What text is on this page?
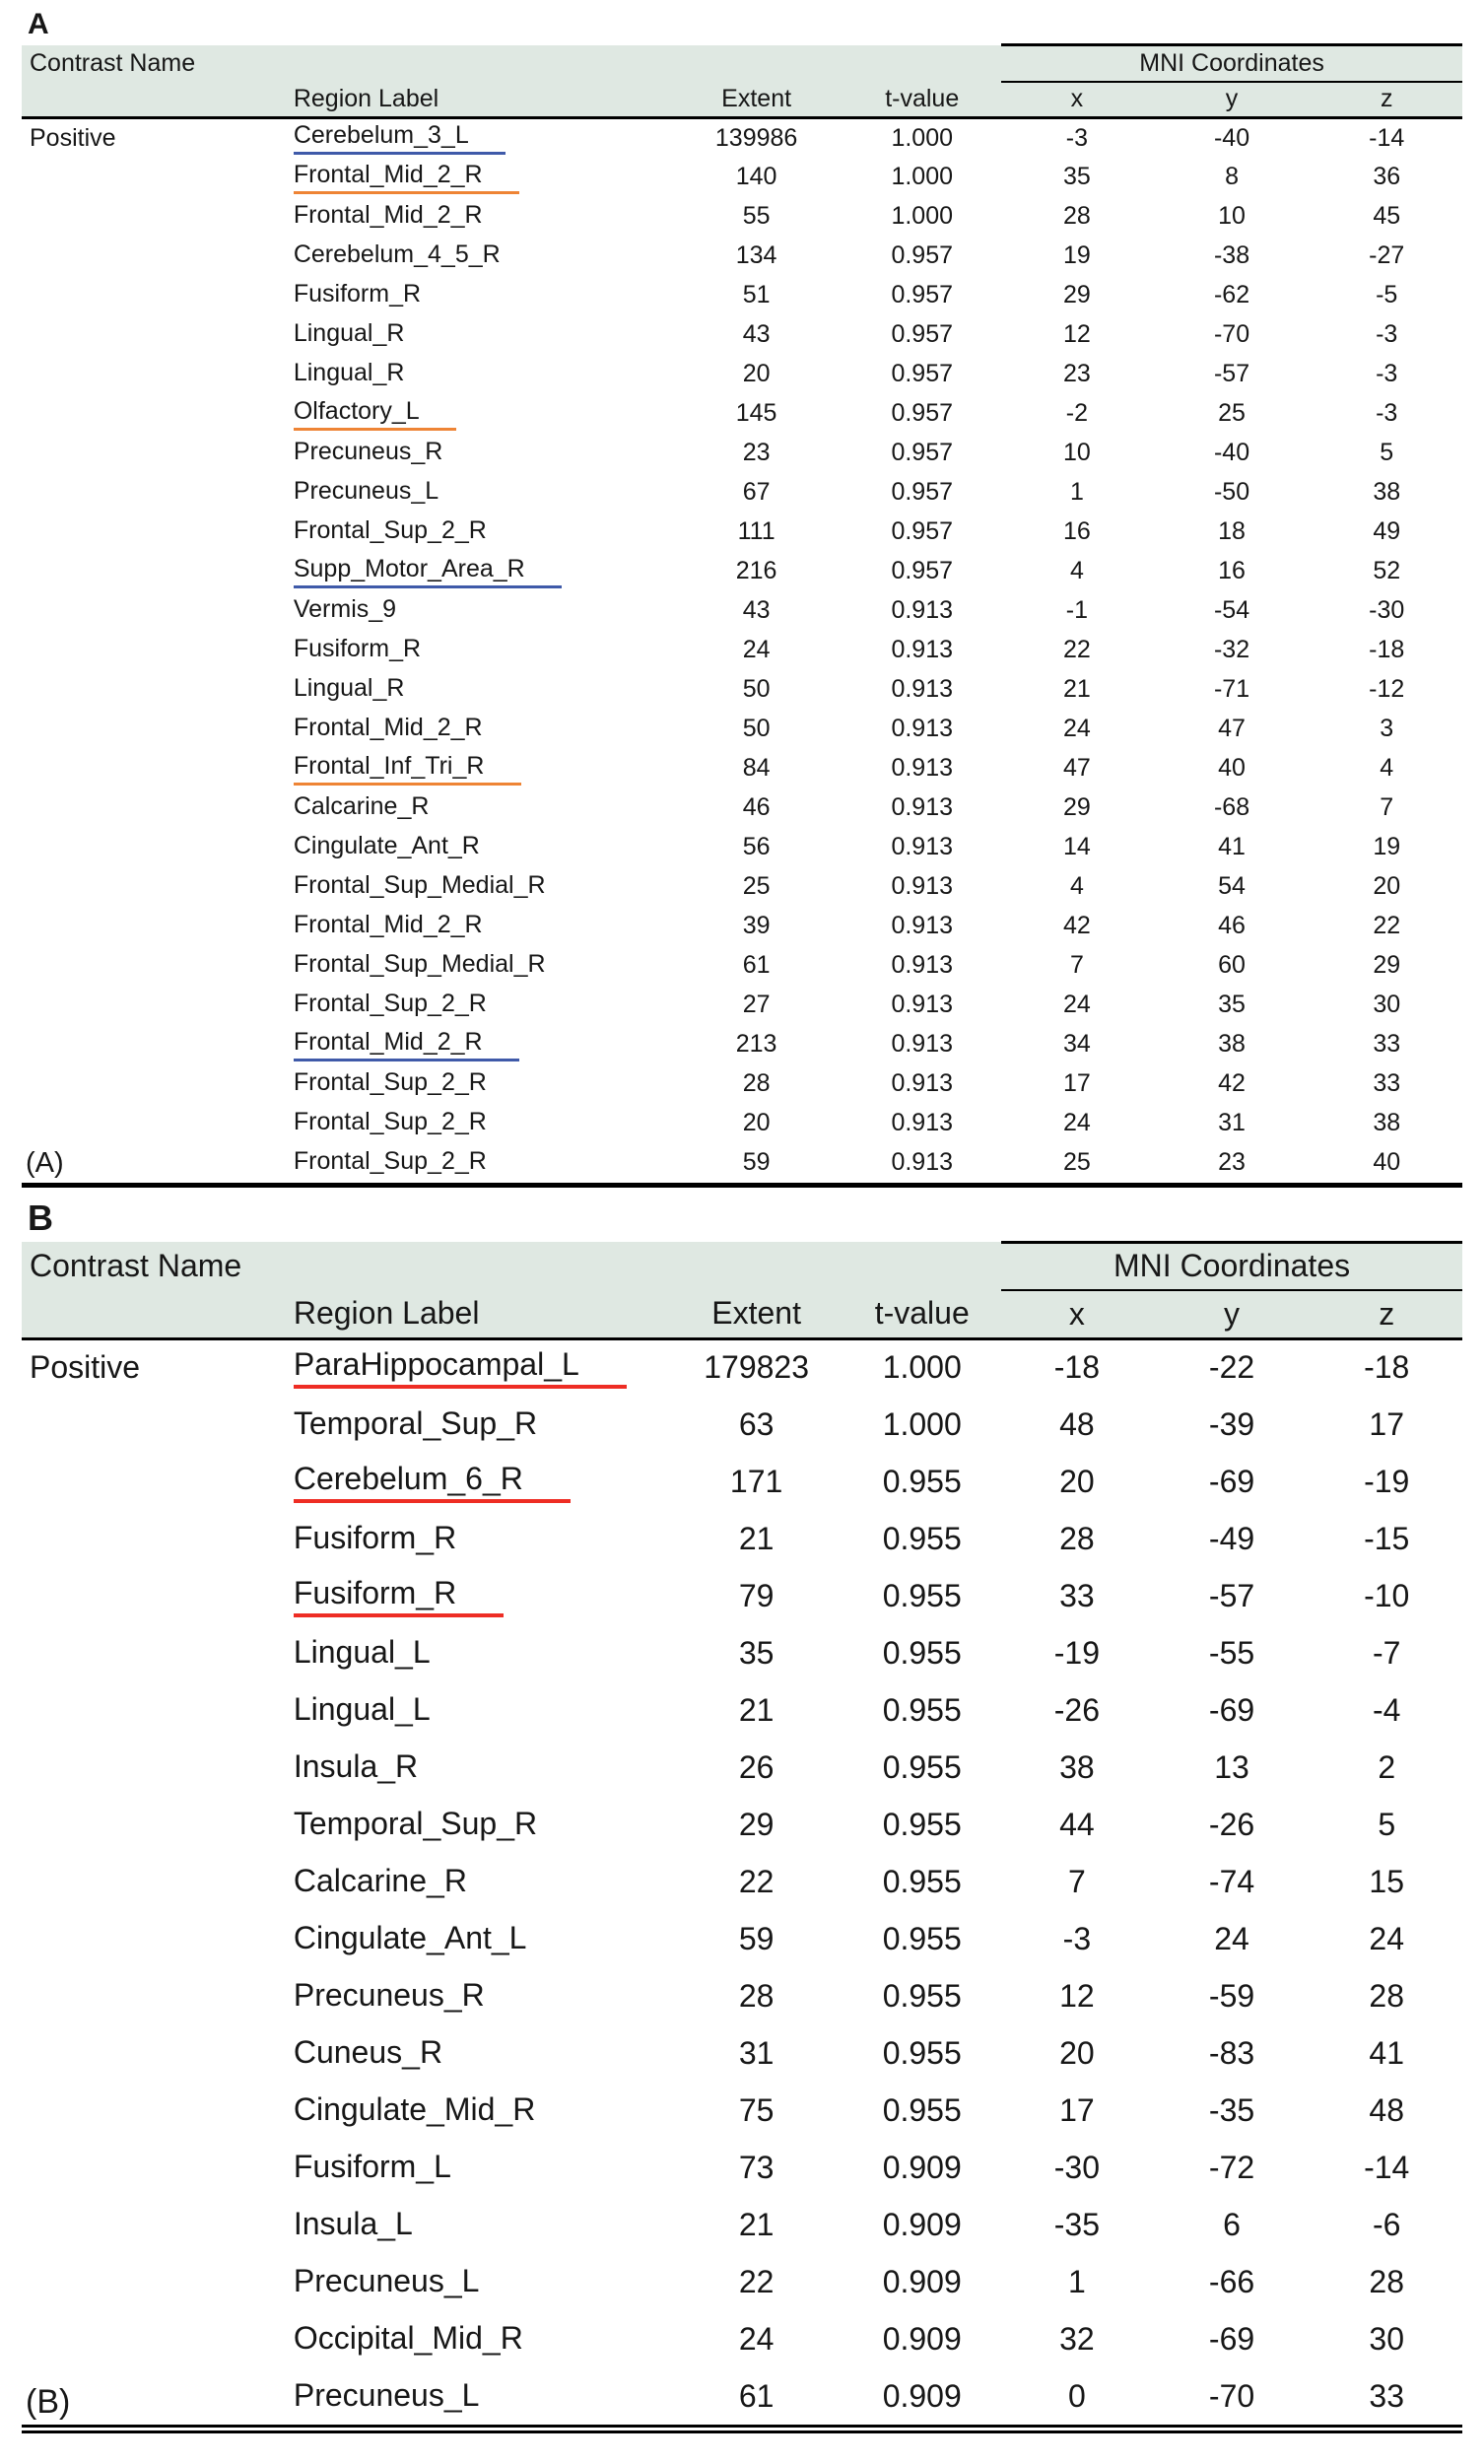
A
Contrast Name				MNI Coordinates		
	Region Label	Extent	t-value	x	y	z
Positive	Cerebelum_3_L	139986	1.000	-3	-40	-14
	Frontal_Mid_2_R	140	1.000	35	8	36
	Frontal_Mid_2_R	55	1.000	28	10	45
	Cerebelum_4_5_R	134	0.957	19	-38	-27
	Fusiform_R	51	0.957	29	-62	-5
	Lingual_R	43	0.957	12	-70	-3
	Lingual_R	20	0.957	23	-57	-3
	Olfactory_L	145	0.957	-2	25	-3
	Precuneus_R	23	0.957	10	-40	5
	Precuneus_L	67	0.957	1	-50	38
	Frontal_Sup_2_R	111	0.957	16	18	49
	Supp_Motor_Area_R	216	0.957	4	16	52
	Vermis_9	43	0.913	-1	-54	-30
	Fusiform_R	24	0.913	22	-32	-18
	Lingual_R	50	0.913	21	-71	-12
	Frontal_Mid_2_R	50	0.913	24	47	3
	Frontal_Inf_Tri_R	84	0.913	47	40	4
	Calcarine_R	46	0.913	29	-68	7
	Cingulate_Ant_R	56	0.913	14	41	19
	Frontal_Sup_Medial_R	25	0.913	4	54	20
	Frontal_Mid_2_R	39	0.913	42	46	22
	Frontal_Sup_Medial_R	61	0.913	7	60	29
	Frontal_Sup_2_R	27	0.913	24	35	30
	Frontal_Mid_2_R	213	0.913	34	38	33
	Frontal_Sup_2_R	28	0.913	17	42	33
	Frontal_Sup_2_R	20	0.913	24	31	38
	Frontal_Sup_2_R	59	0.913	25	23	40
(A)
B
Contrast Name				MNI Coordinates		
	Region Label	Extent	t-value	x	y	z
Positive	ParaHippocampal_L	179823	1.000	-18	-22	-18
	Temporal_Sup_R	63	1.000	48	-39	17
	Cerebelum_6_R	171	0.955	20	-69	-19
	Fusiform_R	21	0.955	28	-49	-15
	Fusiform_R	79	0.955	33	-57	-10
	Lingual_L	35	0.955	-19	-55	-7
	Lingual_L	21	0.955	-26	-69	-4
	Insula_R	26	0.955	38	13	2
	Temporal_Sup_R	29	0.955	44	-26	5
	Calcarine_R	22	0.955	7	-74	15
	Cingulate_Ant_L	59	0.955	-3	24	24
	Precuneus_R	28	0.955	12	-59	28
	Cuneus_R	31	0.955	20	-83	41
	Cingulate_Mid_R	75	0.955	17	-35	48
	Fusiform_L	73	0.909	-30	-72	-14
	Insula_L	21	0.909	-35	6	-6
	Precuneus_L	22	0.909	1	-66	28
	Occipital_Mid_R	24	0.909	32	-69	30
	Precuneus_L	61	0.909	0	-70	33
(B)
